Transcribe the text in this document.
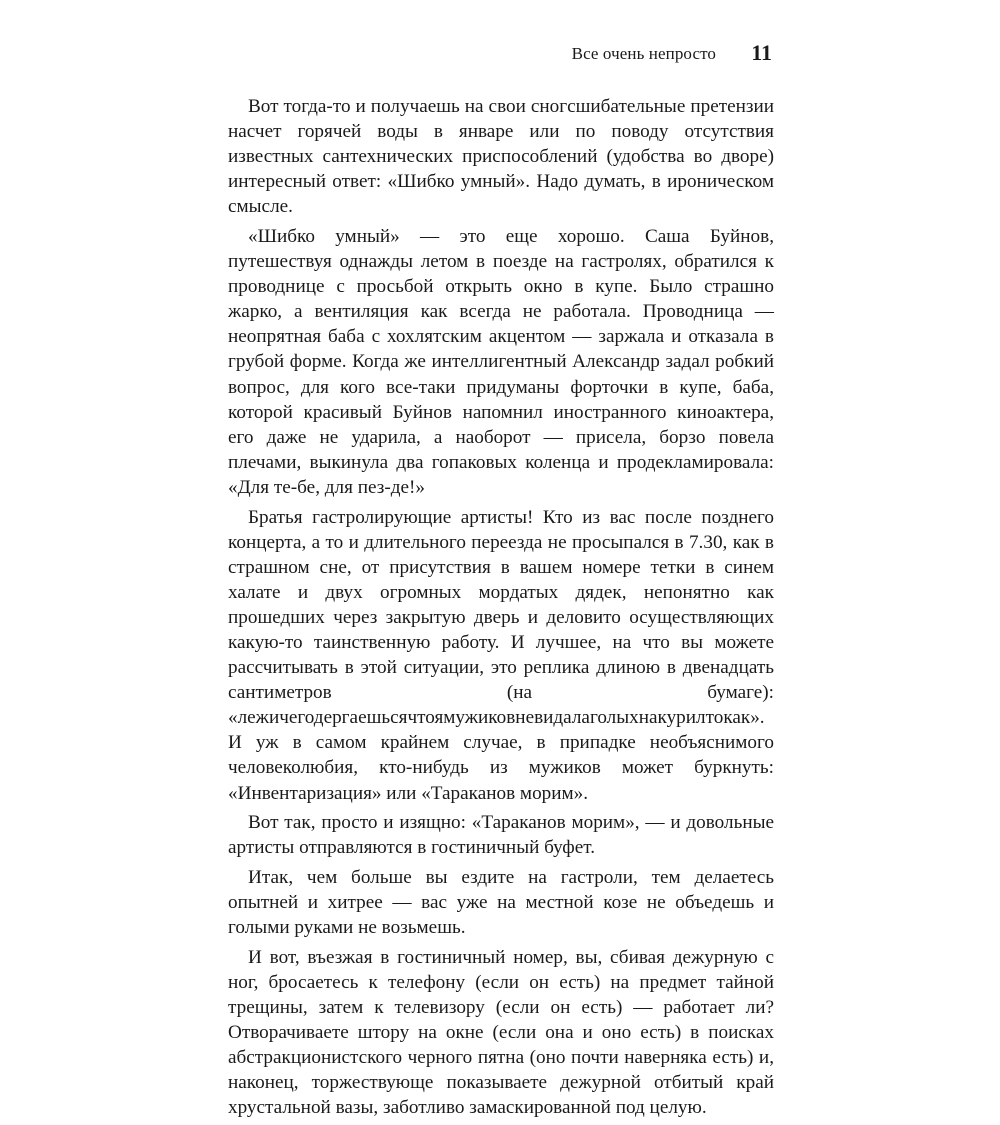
Все очень непросто 11

Вот тогда-то и получаешь на свои сногсшибательные претензии насчет горячей воды в январе или по поводу отсутствия известных сантехнических приспособлений (удобства во дворе) интересный ответ: «Шибко умный». Надо думать, в ироническом смысле.

«Шибко умный» — это еще хорошо. Саша Буйнов, путешествуя однажды летом в поезде на гастролях, обратился к проводнице с просьбой открыть окно в купе. Было страшно жарко, а вентиляция как всегда не работала. Проводница — неопрятная баба с хохлятским акцентом — заржала и отказала в грубой форме. Когда же интеллигентный Александр задал робкий вопрос, для кого все-таки придуманы форточки в купе, баба, которой красивый Буйнов напомнил иностранного киноактера, его даже не ударила, а наоборот — присела, борзо повела плечами, выкинула два гопаковых коленца и продекламировала: «Для те-бе, для пез-де!»

Братья гастролирующие артисты! Кто из вас после позднего концерта, а то и длительного переезда не просыпался в 7.30, как в страшном сне, от присутствия в вашем номере тетки в синем халате и двух огромных мордатых дядек, непонятно как прошедших через закрытую дверь и деловито осуществляющих какую-то таинственную работу. И лучшее, на что вы можете рассчитывать в этой ситуации, это реплика длиною в двенадцать сантиметров (на бумаге): «лежичегодергаешьсячтоямужиковневидалаголыхнакурилтокак». И уж в самом крайнем случае, в припадке необъяснимого человеколюбия, кто-нибудь из мужиков может буркнуть: «Инвентаризация» или «Тараканов морим».

Вот так, просто и изящно: «Тараканов морим», — и довольные артисты отправляются в гостиничный буфет.

Итак, чем больше вы ездите на гастроли, тем делаетесь опытней и хитрее — вас уже на местной козе не объедешь и голыми руками не возьмешь.

И вот, въезжая в гостиничный номер, вы, сбивая дежурную с ног, бросаетесь к телефону (если он есть) на предмет тайной трещины, затем к телевизору (если он есть) — работает ли? Отворачиваете штору на окне (если она и оно есть) в поисках абстракционистского черного пятна (оно почти наверняка есть) и, наконец, торжествующе показываете дежурной отбитый край хрустальной вазы, заботливо замаскированной под целую.
